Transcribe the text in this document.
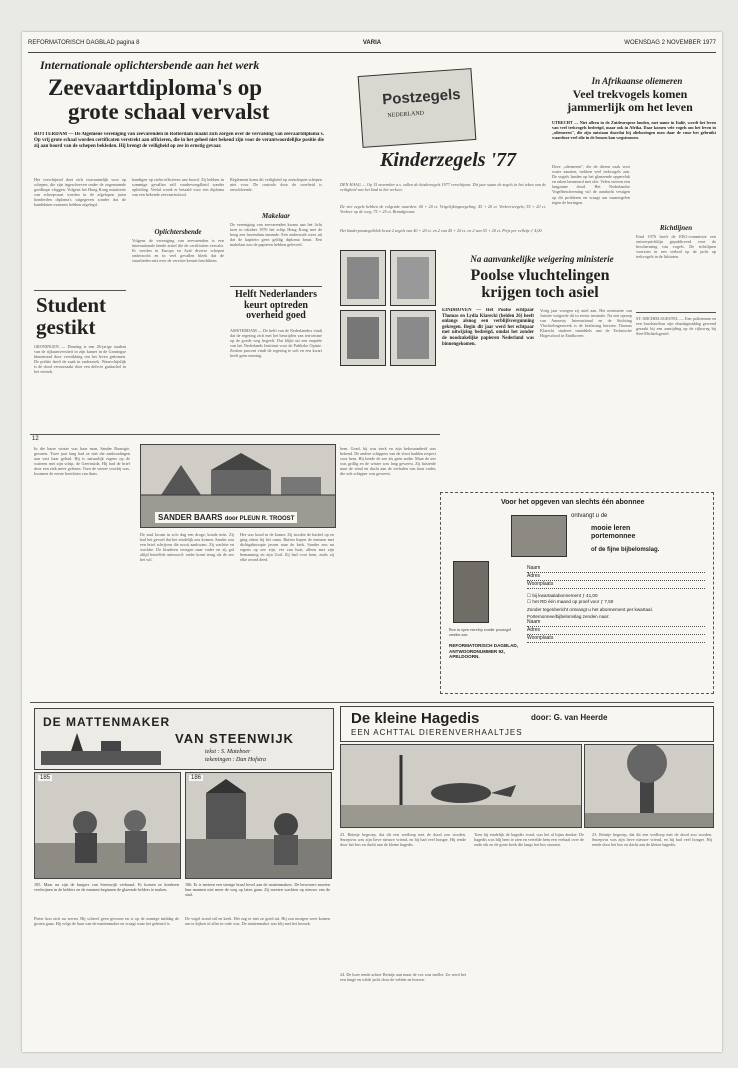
REFORMATORISCH DAGBLAD pagina 8	VARIA	WOENSDAG 2 NOVEMBER 1977
Internationale oplichtersbende aan het werk
Zeevaartdiploma's op
grote schaal vervalst
ROTTERDAM — De Algemene vereniging van zeevarenden in Rotterdam maakt zich zorgen over de vervalsing van zeevaartdiploma's. Op vrij grote schaal worden certificaten verstrekt aan officieren, die in het geheel niet bekend zijn voor de verantwoordelijke positie die zij aan boord van de schepen bekleden. Hij brengt de veiligheid op zee in ernstig gevaar.
Het verschijnsel doet zich voornamelijk voor op schepen, die zijn ingeschreven onder de zogenaamde goedkope vlaggen. Volgens het Hong Kong ministerie van scheepvaart worden in de afgelopen jaren honderden diploma's uitgegeven zonder dat de kandidaten examens hebben afgelegd.
handigen op radio-officieren aan boord. Zij hebben in sommige gevallen zelf vaarbevoegdheid zonder opleiding. Veelal wordt er betaald voor een diploma van een bekende zeevaartschool.
Oplichtersbende
Volgens de vereniging van zeevarenden is een internationale bende actief die de certificaten vervalst. Er werden in Europa en Azië diverse schepen onderzocht en in veel gevallen bleek dat de stuurlieden niet over de vereiste kennis beschikten.
Reglement komt dit veiligheid op zeeschepen schepen niet voor. De controle door de overheid is onvoldoende.
Makelaar
De vereniging van zeevarenden kwam aan het licht toen in oktober 1976 het schip Hong Kong met de boeg een havendam rammde. Een onderzoek wees uit dat de kapitein geen geldig diploma bezat. Een makelaar zou de papieren hebben geleverd.
Student
gestikt
GRONINGEN — Dinsdag is een 26-jarige student van de rijksuniversiteit in zijn kamer in de Groningse binnenstad door verstikking om het leven gekomen. De politie heeft de zaak in onderzoek. Waarschijnlijk is de dood veroorzaakt door een defecte gaskachel in het vertrek.
Helft Nederlanders
keurt optreden
overheid goed
AMSTERDAM — De helft van de Nederlanders vindt dat de regering zich met het bestrijden van terrorisme op de goede weg begeeft. Dat blijkt uit een enquête van het Nederlands Instituut voor de Publieke Opinie. Zestien procent vindt de regering te soft en een kwart heeft geen mening.
Postzegels
NEDERLAND
Kinderzegels '77
DEN HAAG — Op 15 november a.s. zullen de kinderzegels 1977 verschijnen. Dit jaar staan de zegels in het teken van de veiligheid van het kind in het verkeer.
De vier zegels hebben de volgende waarden: 40 + 20 ct. Vergelijkingsregeling; 45 + 20 ct. Verkeersregels; 55 + 20 ct. Verkeer op de weg; 75 + 25 ct. Brandgevaar.
Het kinderpostzegelblok bevat 2 zegels van 40 + 20 ct. en 2 van 45 + 20 ct. en 2 van 55 + 20 ct. Prijs per velletje ƒ 4,00.
In Afrikaanse oliemeren
Veel trekvogels komen
jammerlijk om het leven
UTRECHT — Niet alleen in de Zuideuropese landen, met name in Italië, wordt het leven van veel trekvogels bedreigd, maar ook in Afrika. Daar komen vele vogels om het leven in „oliemeren", die zijn ontstaan doordat bij olieboringen men daar de vuur het gebruikt waardoor veel olie in de bossen kan wegstromen.
Deze „oliemeren", die de dieren vaak voor water aanzien, trekken veel trekvogels aan. De vogels landen op het glanzende oppervlak en raken besmeurd met olie. Velen sterven een langzame dood. Het Nederlandse Vogelbescherming wil de aandacht vestigen op dit probleem en vraagt om maatregelen tegen de boringen.
Richtlijnen
Eind 1976 heeft de EEG-commissie een ontwerprichtlijn gepubliceerd voor de bescherming van vogels. De richtlijnen voorzien in een verbod op de jacht op trekvogels in de lidstaten.
ST.-MICHIELSGESTEL — Een politieman en een buschauffeur zijn dinsdagmiddag gewond geraakt bij een aanrijding op de rijksweg bij Sint-Michielsgestel.
Na aanvankelijke weigering ministerie
Poolse vluchtelingen
krijgen toch asiel
EINDHOVEN — Het Poolse echtpaar Thomas en Lydia Klarecki (beiden 26) heeft onlangs alsnog een verblijfsvergunning gekregen. Begin dit jaar werd het echtpaar met uitwijzing bedreigd, omdat het zonder de noodzakelijke papieren Nederland was binnengekomen.
Vorig jaar vroegen zij asiel aan. Het ministerie van Justitie weigerde dit in eerste instantie. Na een oproep van Amnesty International en de Stichting Vluchtelingenwerk is de beslissing herzien. Thomas Klarecki studeert inmiddels aan de Technische Hogeschool in Eindhoven.
12
In die barre winter was haar man, Sander Baarsgie, gevaren. Twee jaar lang had ze niet die aanhoudingen aan vast haar gehad. Hij is natuurlijk ergens op de wateren met zijn schip, de Geertruida. Hij had de brief door een ziek meer gelezen. Toen de winter voorbij was, kwamen de eerste berichten van thuis.
SANDER BAARS door PLEUN R. TROOST
De stad kwam in zo'n dag een droge, koude mist. Zij had het gevoel dat het eindelijk zou komen. Sander zou een brief schrijven die nooit aankwam. Zij wachtte en wachtte. De kinderen vroegen naar vader en zij gaf altijd hetzelfde antwoord: vader komt terug als de zee het wil.
Het was koud in de kamer. Zij stookte de kachel op en ging zitten bij het raam. Buiten liepen de mensen met dichtgeknoopte jassen naar de kerk. Sander zou nu ergens op zee zijn, ver van huis, alleen met zijn bemanning en zijn God. Zij bad voor hem, zoals zij elke avond deed.
hem. Goed, hij was sterk en zijn bekwaamheid was bekend. De andere schippers van de vloot hadden respect voor hem. Hij kende de zee als geen ander. Maar de zee was grillig en de winter was lang geweest. Zij luisterde naar de wind en dacht aan de verhalen van haar vader, die ook schipper was geweest.
Voor het opgeven van slechts één abonnee
ontvangt u de
mooie leren portemonnee
of de fijne bijbelomslag.
Bon in open envelop zonder postzegel zenden aan:
REFORMATORISCH DAGBLAD,
ANTWOORDNUMMER 92,
APELDOORN.
Naam
Adres
Woonplaats
☐ bij kwartaalabonnement ƒ 41,00
☐ het RD één maand op proef voor ƒ 7,50
Zonder tegenbericht ontvangt u het abonnement per kwartaal.
Portemonnee/bijbelomslag zenden naar:
Naam
Adres
Woonplaats
DE MATTENMAKER
VAN STEENWIJK
tekst : S. Mateboer
tekeningen : Dan Hofstra
185	186
185. Maar nu zijn de burgers van Steenwijk verbaasd. Er komen ze kinderen verdwijnen in de kelders en de mannen beginnen de glazende kelders te maken.
186. Er is meteen een strenge braaf bevel aan de mattenmakers. De bewoners moeten hun mannen niet meer de weg op laten gaan. Zij moeten wachten op nieuws van de stad.
Pieter kon zich nu weren. Hij schreef geen gewoon en is op de zonnige middag de groten gaan. Hij volgt de haas van de mattenmaker en vraagt waar het gebeurd is.
De vogel stond stil en keek. Het zag er niet zo goed uit. Hij zou morgen weer komen om te kijken of alles in orde was. De mattenmaker was blij met het bezoek.
De kleine Hagedis	door: G. van Heerde
EEN ACHTTAL DIERENVERHAALTJES
23. Reintje begroep, dat dit een wedloop met de dood zou worden. Snoepvos was zijn lieve nieuwe vriend, en hij had veel honger. Hij rende door het bos en dacht aan de kleine hagedis.
24. De boer rende achter Reintje aan maar de vos was sneller. Zo werd het een lange en wilde jacht door de velden en bossen.
Toen hij eindelijk de hagedis vond, was het al bijna donker. De hagedis was blij hem te zien en vertelde hem een verhaal over de oude eik en de grote beek die langs het bos stroomt.
23. Reintje begroep, dat dit een wedloop met de dood zou worden. Snoepvos was zijn lieve nieuwe vriend, en hij had veel honger. Hij rende door het bos en dacht aan de kleine hagedis.
